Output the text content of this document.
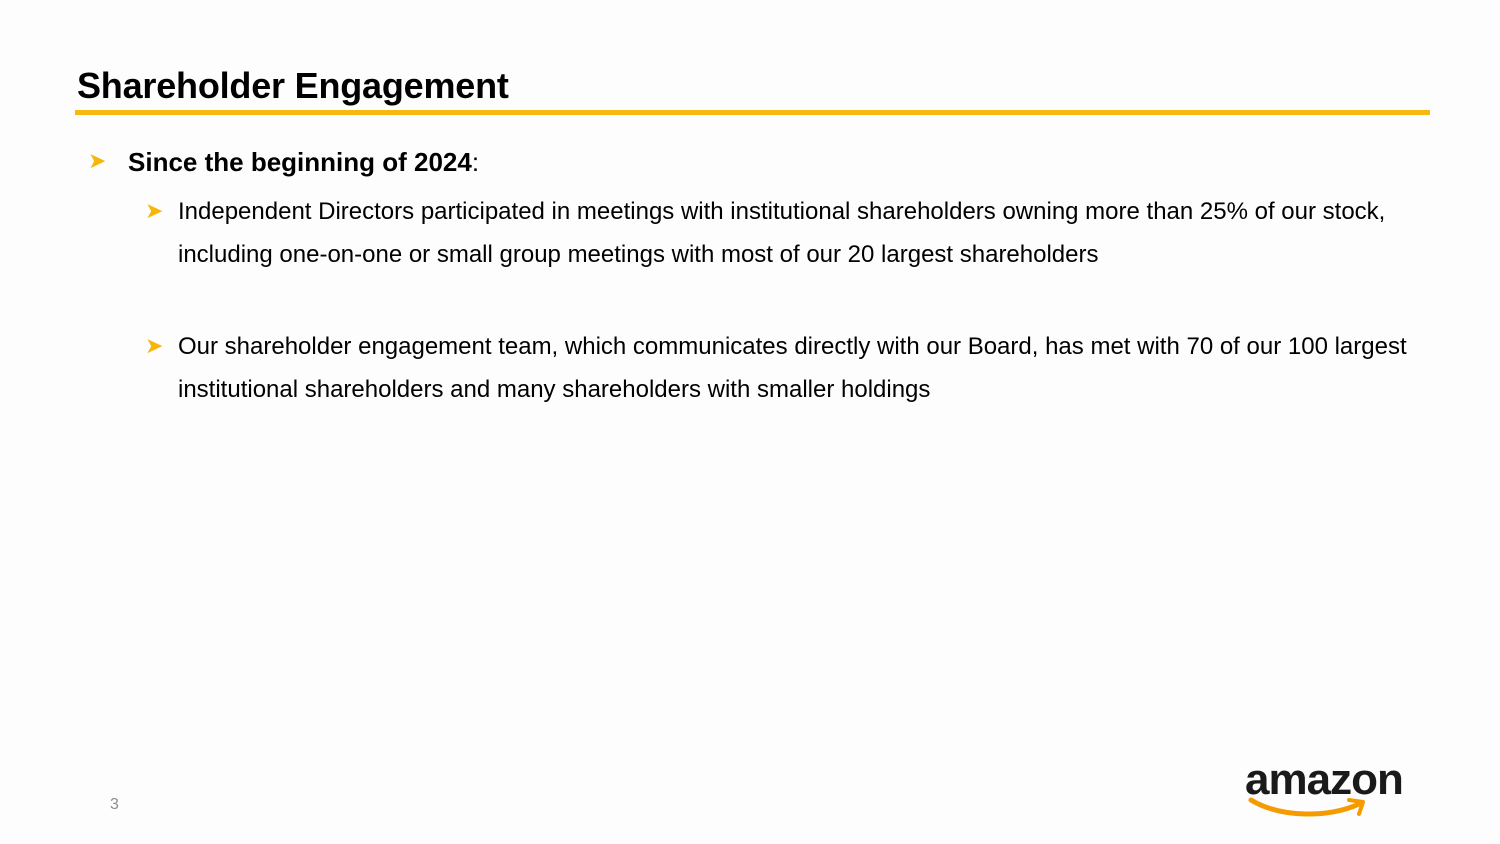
Shareholder Engagement
➤ Since the beginning of 2024:
➤ Independent Directors participated in meetings with institutional shareholders owning more than 25% of our stock, including one-on-one or small group meetings with most of our 20 largest shareholders
➤ Our shareholder engagement team, which communicates directly with our Board, has met with 70 of our 100 largest institutional shareholders and many shareholders with smaller holdings
3
amazon
